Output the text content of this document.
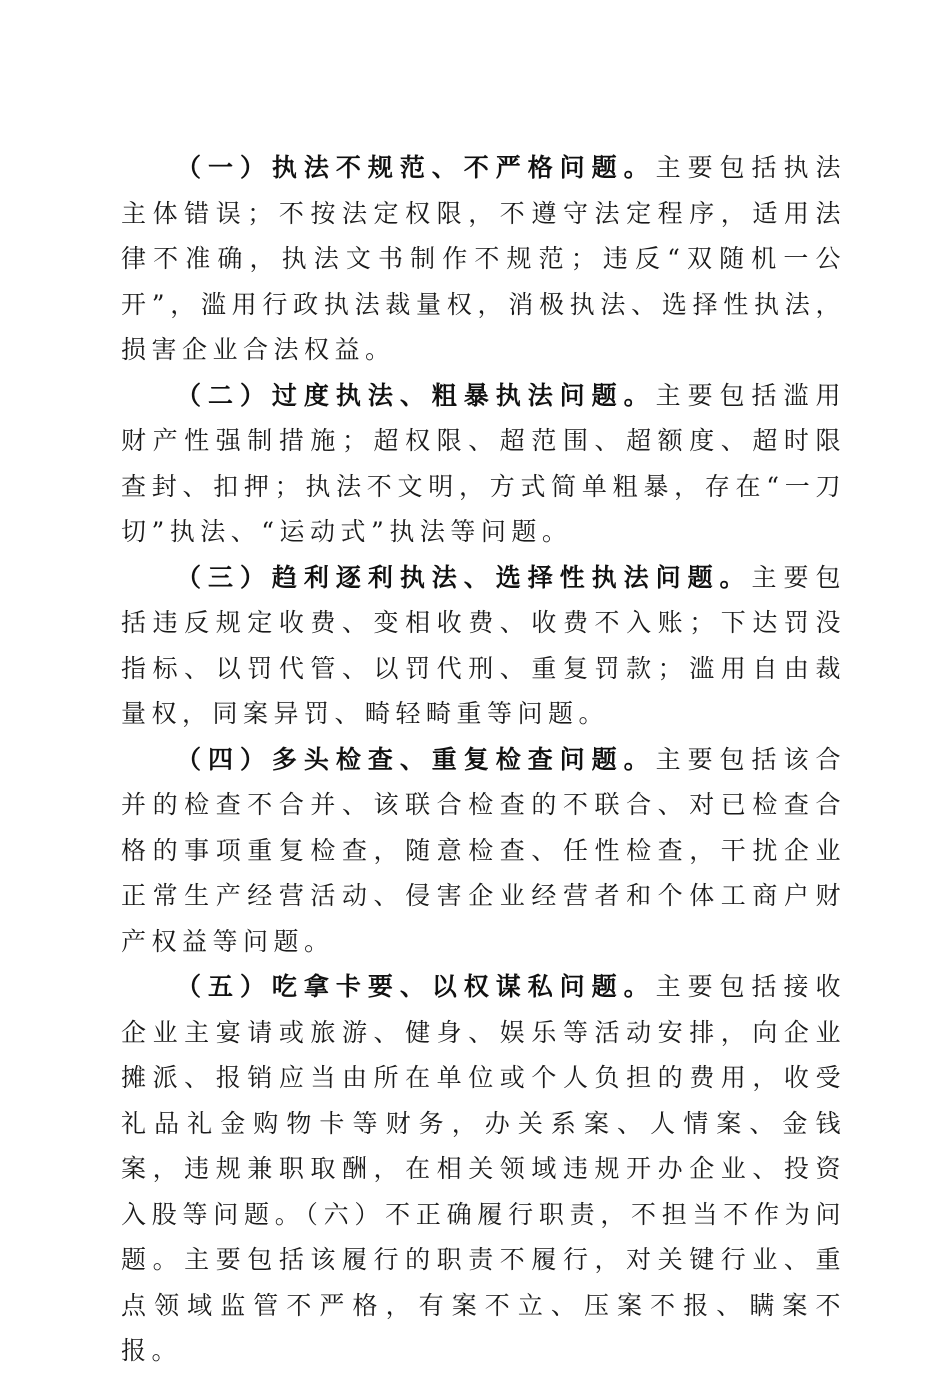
（一）执法不规范、不严格问题。主要包括执法主体错误；不按法定权限，不遵守法定程序，适用法律不准确，执法文书制作不规范；违反“双随机一公开”，滥用行政执法裁量权，消极执法、选择性执法，损害企业合法权益。

（二）过度执法、粗暴执法问题。主要包括滥用财产性强制措施；超权限、超范围、超额度、超时限查封、扣押；执法不文明，方式简单粗暴，存在“一刀切”执法、“运动式”执法等问题。

（三）趋利逐利执法、选择性执法问题。主要包括违反规定收费、变相收费、收费不入账；下达罚没指标、以罚代管、以罚代刑、重复罚款；滥用自由裁量权，同案异罚、畸轻畸重等问题。

（四）多头检查、重复检查问题。主要包括该合并的检查不合并、该联合检查的不联合、对已检查合格的事项重复检查，随意检查、任性检查，干扰企业正常生产经营活动、侵害企业经营者和个体工商户财产权益等问题。

（五）吃拿卡要、以权谋私问题。主要包括接收企业主宴请或旅游、健身、娱乐等活动安排，向企业摊派、报销应当由所在单位或个人负担的费用，收受礼品礼金购物卡等财务，办关系案、人情案、金钱案，违规兼职取酬，在相关领域违规开办企业、投资入股等问题。（六）不正确履行职责，不担当不作为问题。主要包括该履行的职责不履行，对关键行业、重点领域监管不严格，有案不立、压案不报、瞒案不报。
